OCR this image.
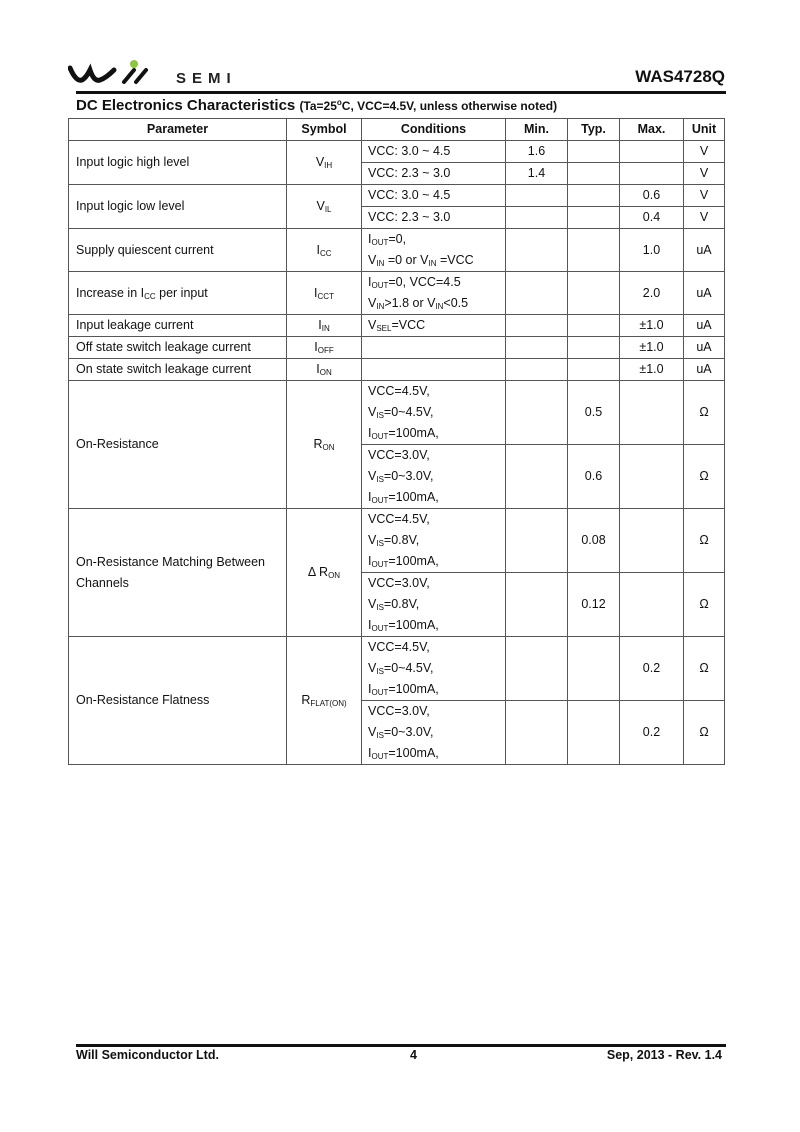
SEMI	WAS4728Q
DC Electronics Characteristics ($Ta=25^oC$, VCC=4.5V, unless otherwise noted)
Parameter	Symbol	Conditions	Min.	Typ.	Max.	Unit
Input logic high level	$V_{IH}$	VCC: 3.0 ~ 4.5	1.6			V
		VCC: 2.3 ~ 3.0	1.4			V
Input logic low level	$V_{IL}$	VCC: 3.0 ~ 4.5			0.6	V
		VCC: 2.3 ~ 3.0			0.4	V
Supply quiescent current	$I_{CC}$	$I_{OUT}=0$,
$V_{IN} =0$ or $V_{IN} =VCC$			1.0	uA
Increase in $I_{CC}$ per input	$I_{CCT}$	$I_{OUT}=0$, VCC=4.5
$V_{IN}>1.8$ or $V_{IN}<0.5$			2.0	uA
Input leakage current	$I_{IN}$	$V_{SEL}=VCC$			±1.0	uA
Off state switch leakage current	$I_{OFF}$				±1.0	uA
On state switch leakage current	$I_{ON}$				±1.0	uA
On-Resistance	$R_{ON}$	VCC=4.5V,
$V_{IS}=0\sim 4.5V$,
$I_{OUT}=100mA$,		0.5		Ω

		VCC=3.0V,
$V_{IS}=0\sim 3.0V$,
$I_{OUT}=100mA$,		0.6		Ω

On-Resistance Matching Between
Channels	Δ $R_{ON}$	VCC=4.5V,
$V_{IS}=0.8V$,
$I_{OUT}=100mA$,		0.08		Ω

		VCC=3.0V,
$V_{IS}=0.8V$,
$I_{OUT}=100mA$,		0.12		Ω
On-Resistance Flatness	$R_{FLAT(ON)}$	VCC=4.5V,
$V_{IS}=0\sim 4.5V$,
$I_{OUT}=100mA$,			0.2	Ω

		VCC=3.0V,
$V_{IS}=0\sim 3.0V$,
$I_{OUT}=100mA$,			0.2	Ω
Will Semiconductor Ltd.	4	Sep, 2013 - Rev. 1.4
